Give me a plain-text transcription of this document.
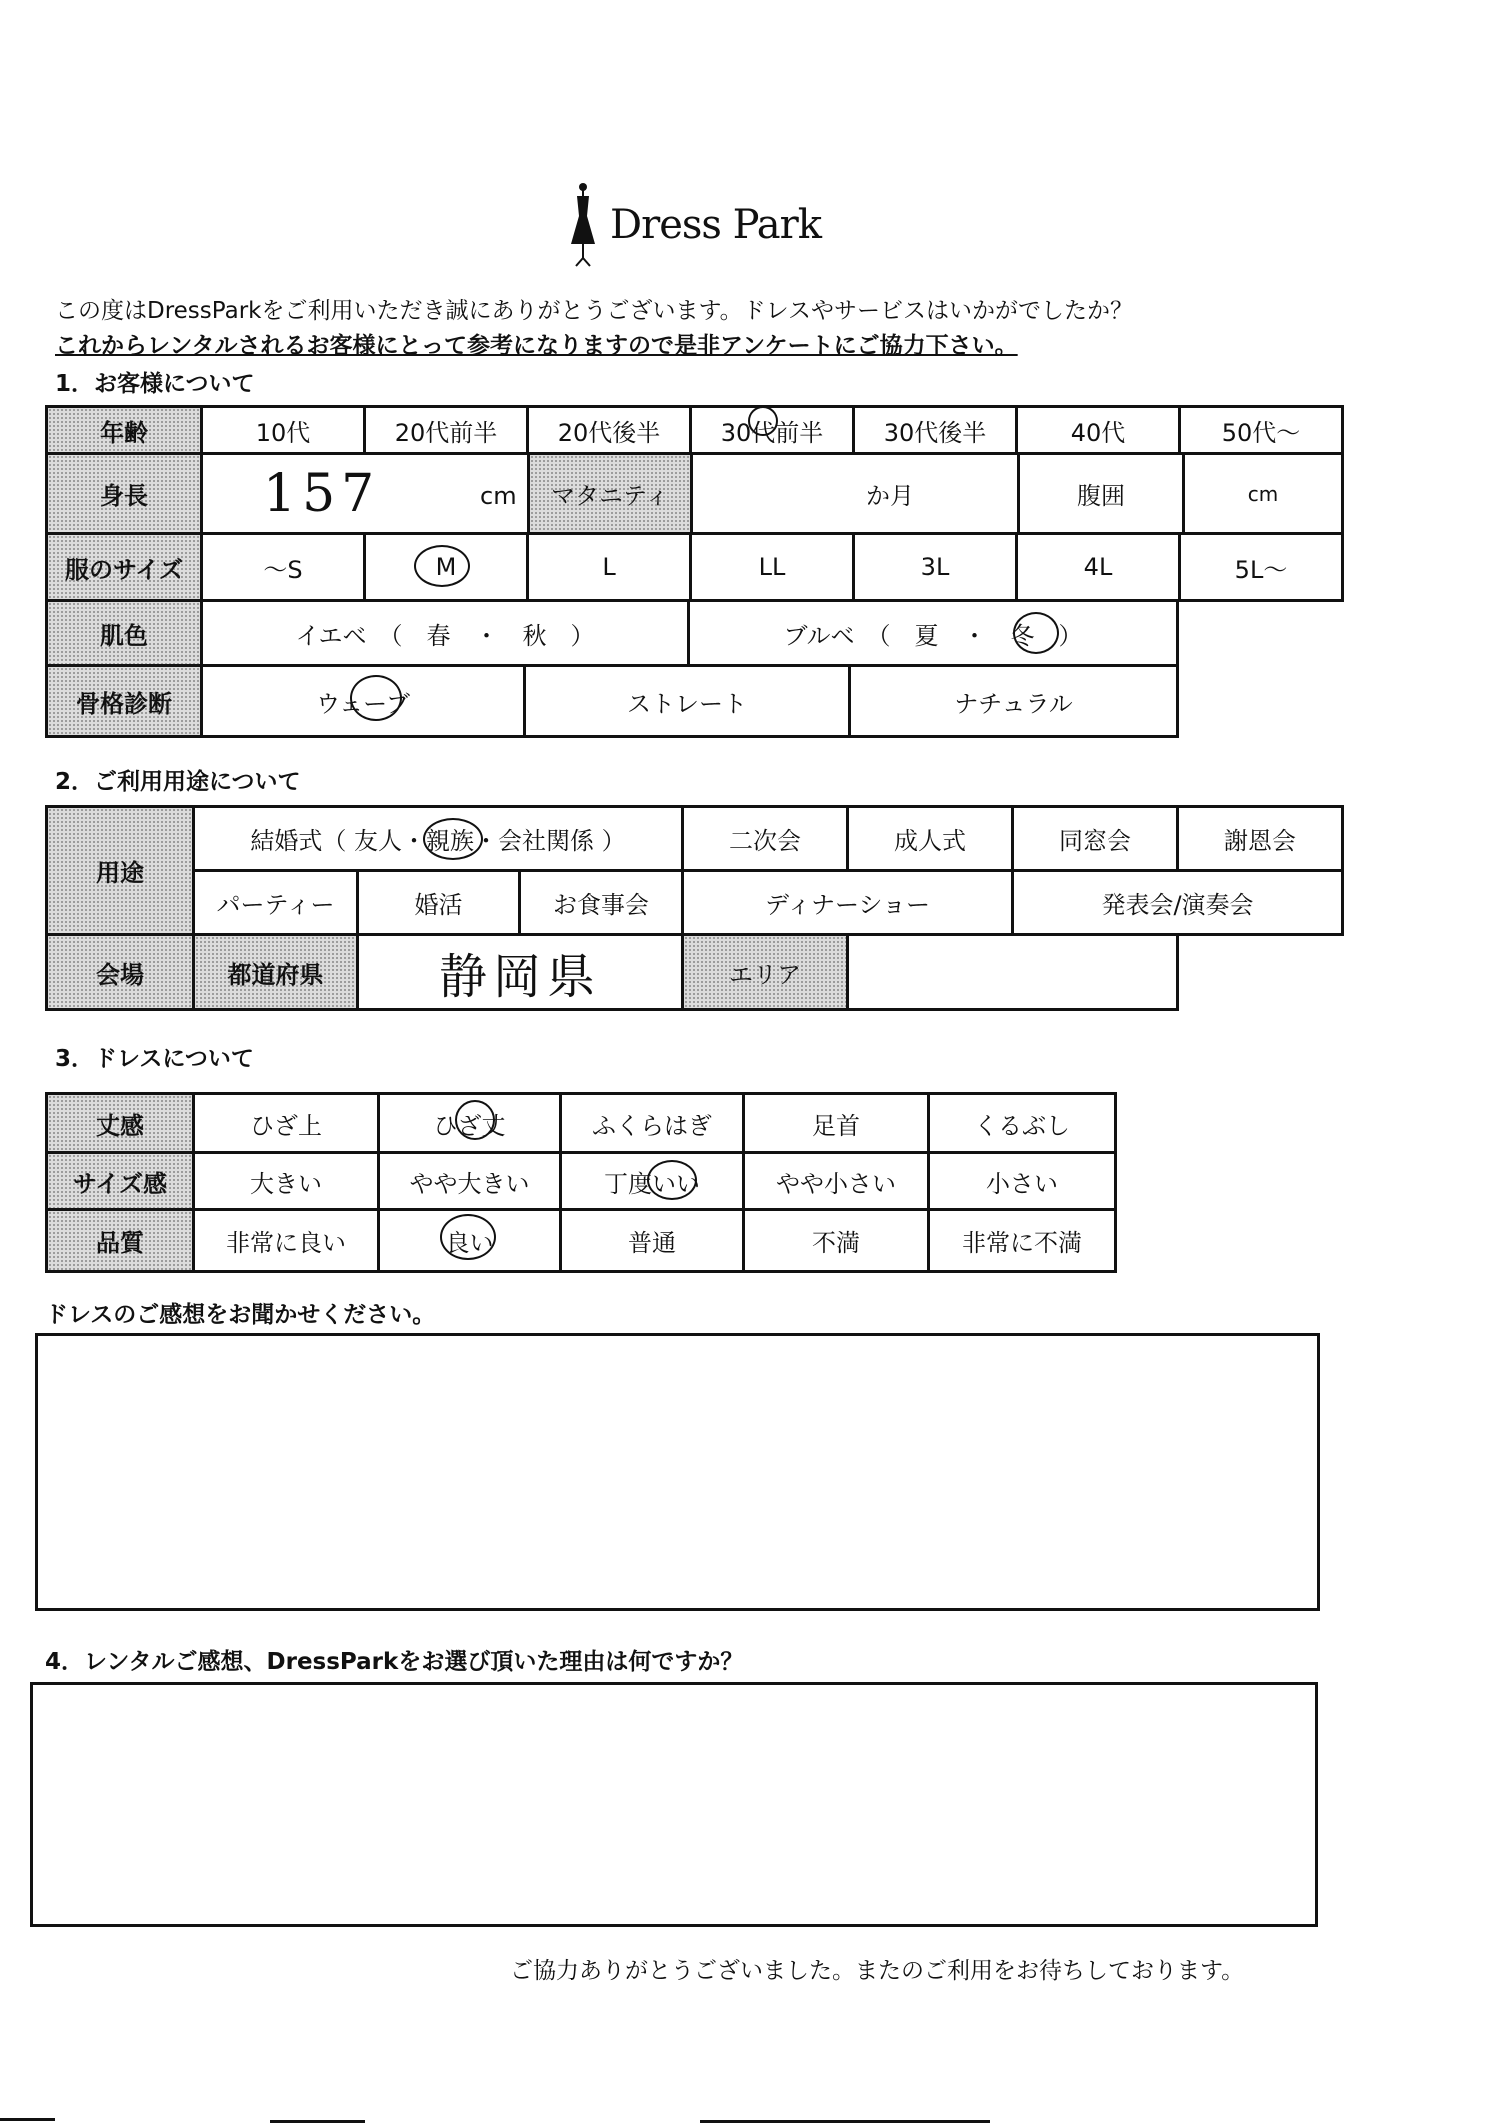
Dress Park
この度はDressParkをご利用いただき誠にありがとうございます。ドレスやサービスはいかがでしたか？
これからレンタルされるお客様にとって参考になりますので是非アンケートにご協力下さい。
1．お客様について
年齢	10代	20代前半	20代後半	30代前半	30代後半	40代	50代～
身長	157	cm	マタニティ	か月	腹囲	cm
服のサイズ	～S	M	L	LL	3L	4L	5L～
肌色	イエベ　（　春　・　秋　）	ブルベ　（　夏　・　冬　）
骨格診断	ウェーブ	ストレート	ナチュラル
2．ご利用用途について
用途
結婚式（ 友人・親族・会社関係 ）	二次会	成人式	同窓会	謝恩会
パーティー	婚活	お食事会	ディナーショー	発表会/演奏会
会場	都道府県	静岡県	エリア
3．ドレスについて
丈感	ひざ上	ひざ丈	ふくらはぎ	足首	くるぶし
サイズ感	大きい	やや大きい	丁度いい	やや小さい	小さい
品質	非常に良い	良い	普通	不満	非常に不満
ドレスのご感想をお聞かせください。
4．レンタルご感想、DressParkをお選び頂いた理由は何ですか？
ご協力ありがとうございました。またのご利用をお待ちしております。
